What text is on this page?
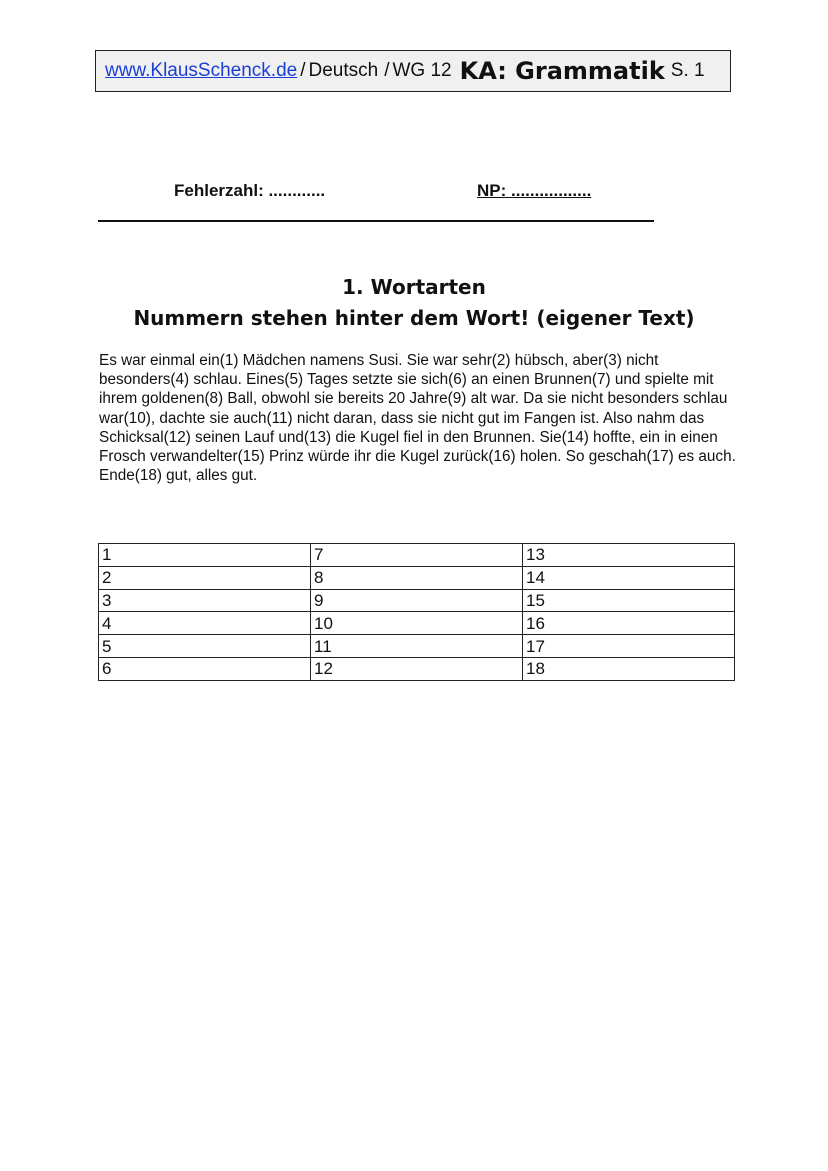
www.KlausSchenck.de / Deutsch / WG 12 KA: Grammatik S. 1
Fehlerzahl: ............	NP: .................
1. Wortarten
Nummern stehen hinter dem Wort! (eigener Text)
Es war einmal ein(1) Mädchen namens Susi. Sie war sehr(2) hübsch, aber(3) nicht besonders(4) schlau. Eines(5) Tages setzte sie sich(6) an einen Brunnen(7) und spielte mit ihrem goldenen(8) Ball, obwohl sie bereits 20 Jahre(9) alt war. Da sie nicht besonders schlau war(10), dachte sie auch(11) nicht daran, dass sie nicht gut im Fangen ist. Also nahm das Schicksal(12) seinen Lauf und(13) die Kugel fiel in den Brunnen. Sie(14) hoffte, ein in einen Frosch verwandelter(15) Prinz würde ihr die Kugel zurück(16) holen. So geschah(17) es auch. Ende(18) gut, alles gut.
1	7	13
2	8	14
3	9	15
4	10	16
5	11	17
6	12	18
